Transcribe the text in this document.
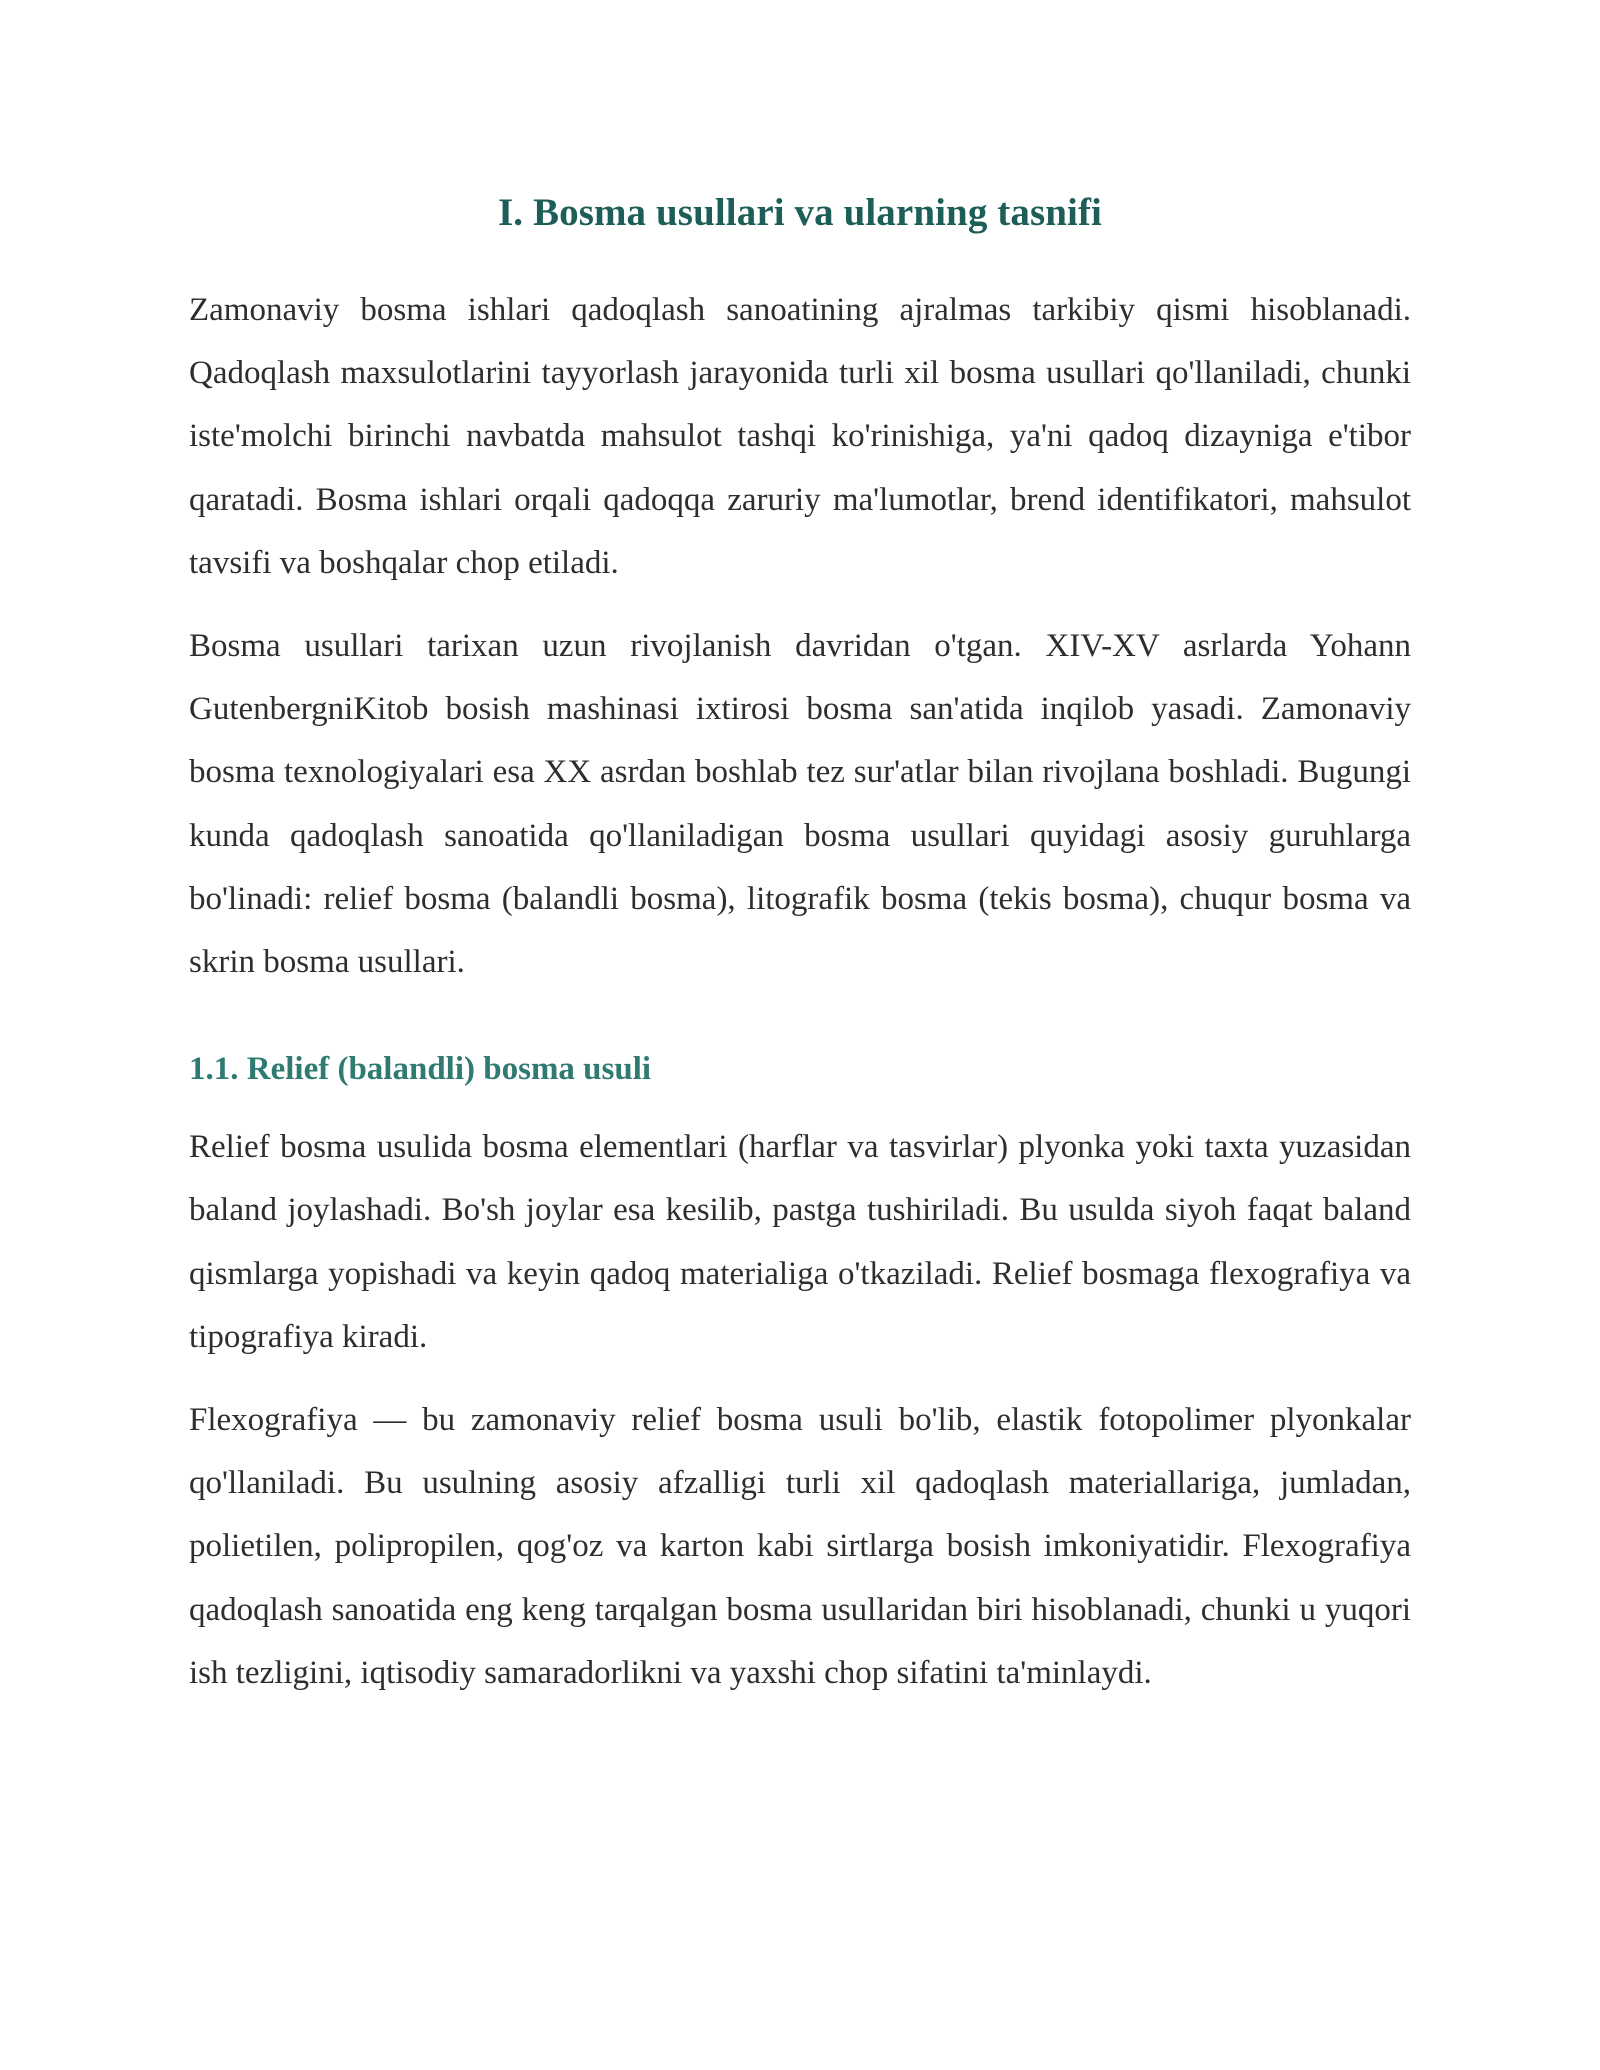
I. Bosma usullari va ularning tasnifi

Zamonaviy bosma ishlari qadoqlash sanoatining ajralmas tarkibiy qismi hisoblanadi. Qadoqlash maxsulotlarini tayyorlash jarayonida turli xil bosma usullari qo'llaniladi, chunki iste'molchi birinchi navbatda mahsulot tashqi ko'rinishiga, ya'ni qadoq dizayniga e'tibor qaratadi. Bosma ishlari orqali qadoqqa zaruriy ma'lumotlar, brend identifikatori, mahsulot tavsifi va boshqalar chop etiladi.

Bosma usullari tarixan uzun rivojlanish davridan o'tgan. XIV-XV asrlarda Yohann GutenbergniKitob bosish mashinasi ixtirosi bosma san'atida inqilob yasadi. Zamonaviy bosma texnologiyalari esa XX asrdan boshlab tez sur'atlar bilan rivojlana boshladi. Bugungi kunda qadoqlash sanoatida qo'llaniladigan bosma usullari quyidagi asosiy guruhlarga bo'linadi: relief bosma (balandli bosma), litografik bosma (tekis bosma), chuqur bosma va skrin bosma usullari.

1.1. Relief (balandli) bosma usuli

Relief bosma usulida bosma elementlari (harflar va tasvirlar) plyonka yoki taxta yuzasidan baland joylashadi. Bo'sh joylar esa kesilib, pastga tushiriladi. Bu usulda siyoh faqat baland qismlarga yopishadi va keyin qadoq materialiga o'tkaziladi. Relief bosmaga flexografiya va tipografiya kiradi.

Flexografiya — bu zamonaviy relief bosma usuli bo'lib, elastik fotopolimer plyonkalar qo'llaniladi. Bu usulning asosiy afzalligi turli xil qadoqlash materiallariga, jumladan, polietilen, polipropilen, qog'oz va karton kabi sirtlarga bosish imkoniyatidir. Flexografiya qadoqlash sanoatida eng keng tarqalgan bosma usullaridan biri hisoblanadi, chunki u yuqori ish tezligini, iqtisodiy samaradorlikni va yaxshi chop sifatini ta'minlaydi.
